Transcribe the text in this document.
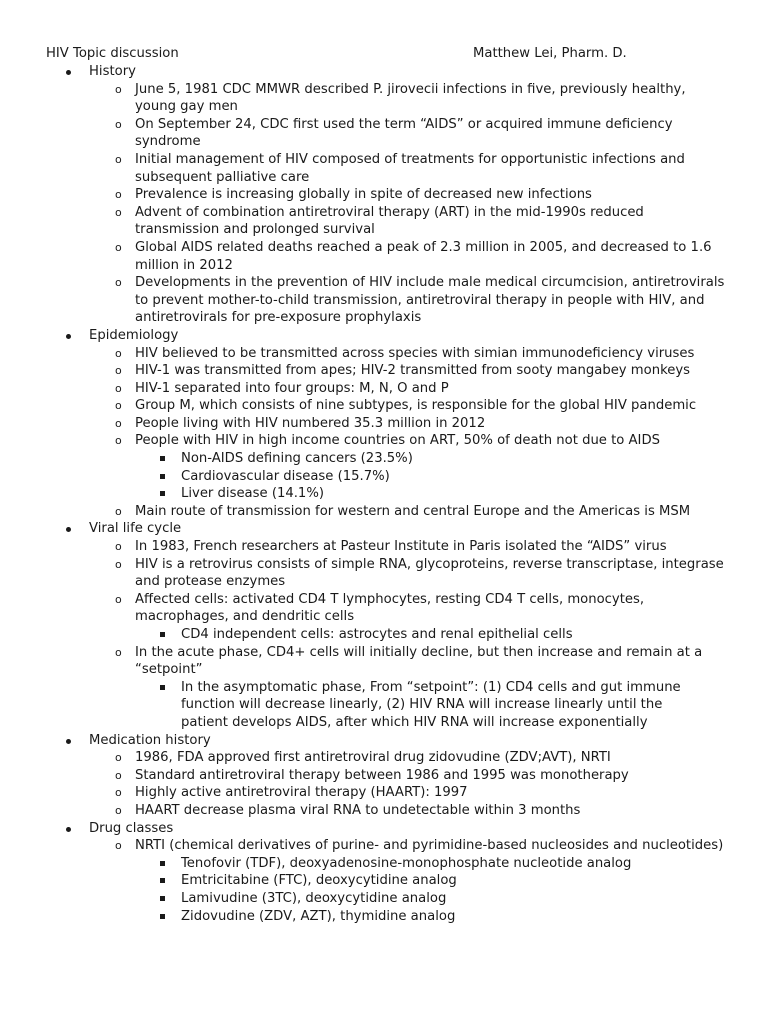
HIV Topic discussion	Matthew Lei, Pharm. D.
History
o June 5, 1981 CDC MMWR described P. jirovecii infections in five, previously healthy, young gay men
o On September 24, CDC first used the term “AIDS” or acquired immune deficiency syndrome
o Initial management of HIV composed of treatments for opportunistic infections and subsequent palliative care
o Prevalence is increasing globally in spite of decreased new infections
o Advent of combination antiretroviral therapy (ART) in the mid-1990s reduced transmission and prolonged survival
o Global AIDS related deaths reached a peak of 2.3 million in 2005, and decreased to 1.6 million in 2012
o Developments in the prevention of HIV include male medical circumcision, antiretrovirals to prevent mother-to-child transmission, antiretroviral therapy in people with HIV, and antiretrovirals for pre-exposure prophylaxis
Epidemiology
o HIV believed to be transmitted across species with simian immunodeficiency viruses
o HIV-1 was transmitted from apes; HIV-2 transmitted from sooty mangabey monkeys
o HIV-1 separated into four groups: M, N, O and P
o Group M, which consists of nine subtypes, is responsible for the global HIV pandemic
o People living with HIV numbered 35.3 million in 2012
o People with HIV in high income countries on ART, 50% of death not due to AIDS
Non-AIDS defining cancers (23.5%)
Cardiovascular disease (15.7%)
Liver disease (14.1%)
o Main route of transmission for western and central Europe and the Americas is MSM
Viral life cycle
o In 1983, French researchers at Pasteur Institute in Paris isolated the “AIDS” virus
o HIV is a retrovirus consists of simple RNA, glycoproteins, reverse transcriptase, integrase and protease enzymes
o Affected cells: activated CD4 T lymphocytes, resting CD4 T cells, monocytes, macrophages, and dendritic cells
CD4 independent cells: astrocytes and renal epithelial cells
o In the acute phase, CD4+ cells will initially decline, but then increase and remain at a “setpoint”
In the asymptomatic phase, From “setpoint”: (1) CD4 cells and gut immune function will decrease linearly, (2) HIV RNA will increase linearly until the patient develops AIDS, after which HIV RNA will increase exponentially
Medication history
o 1986, FDA approved first antiretroviral drug zidovudine (ZDV;AVT), NRTI
o Standard antiretroviral therapy between 1986 and 1995 was monotherapy
o Highly active antiretroviral therapy (HAART): 1997
o HAART decrease plasma viral RNA to undetectable within 3 months
Drug classes
o NRTI (chemical derivatives of purine- and pyrimidine-based nucleosides and nucleotides)
Tenofovir (TDF), deoxyadenosine-monophosphate nucleotide analog
Emtricitabine (FTC), deoxycytidine analog
Lamivudine (3TC), deoxycytidine analog
Zidovudine (ZDV, AZT), thymidine analog
